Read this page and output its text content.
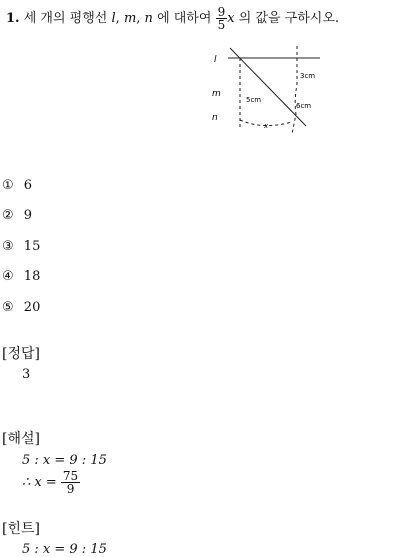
1. 세 개의 평행선 l, m, n 에 대하여 $\frac{9}{5}$ x 의 값을 구하시오.
l
m
n
3cm
5cm
6cm
x
① 6
② 9
③ 15
④ 18
⑤ 20
[정답]
3
[해설]
5 : x = 9 : 15
∴ $x = \frac{75}{9}$
[힌트]
5 : x = 9 : 15
